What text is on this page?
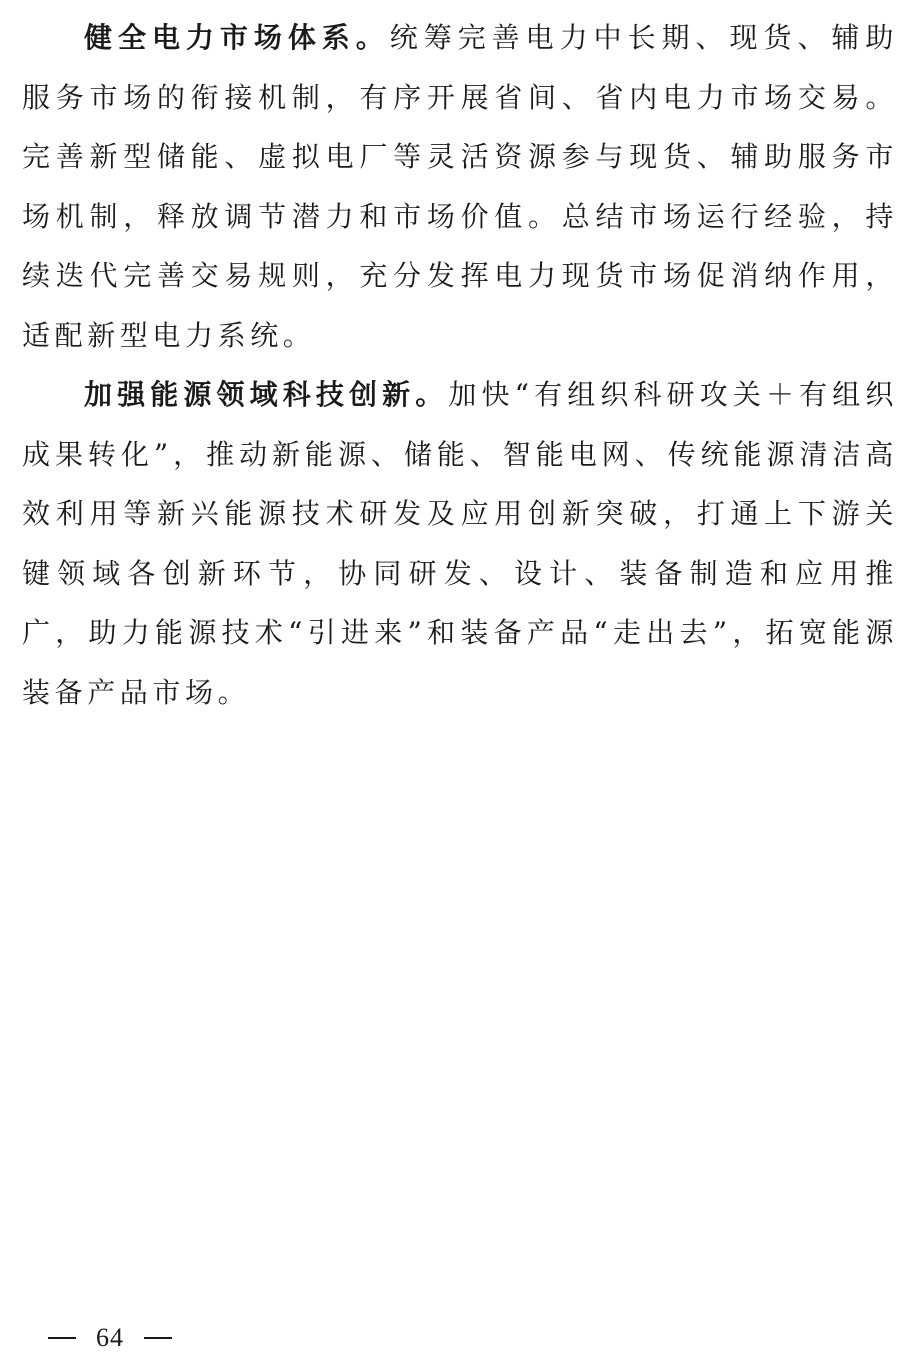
健全电力市场体系。统筹完善电力中长期、现货、辅助服务市场的衔接机制，有序开展省间、省内电力市场交易。完善新型储能、虚拟电厂等灵活资源参与现货、辅助服务市场机制，释放调节潜力和市场价值。总结市场运行经验，持续迭代完善交易规则，充分发挥电力现货市场促消纳作用，适配新型电力系统。

加强能源领域科技创新。加快“有组织科研攻关＋有组织成果转化”，推动新能源、储能、智能电网、传统能源清洁高效利用等新兴能源技术研发及应用创新突破，打通上下游关键领域各创新环节，协同研发、设计、装备制造和应用推广，助力能源技术“引进来”和装备产品“走出去”，拓宽能源装备产品市场。

64
